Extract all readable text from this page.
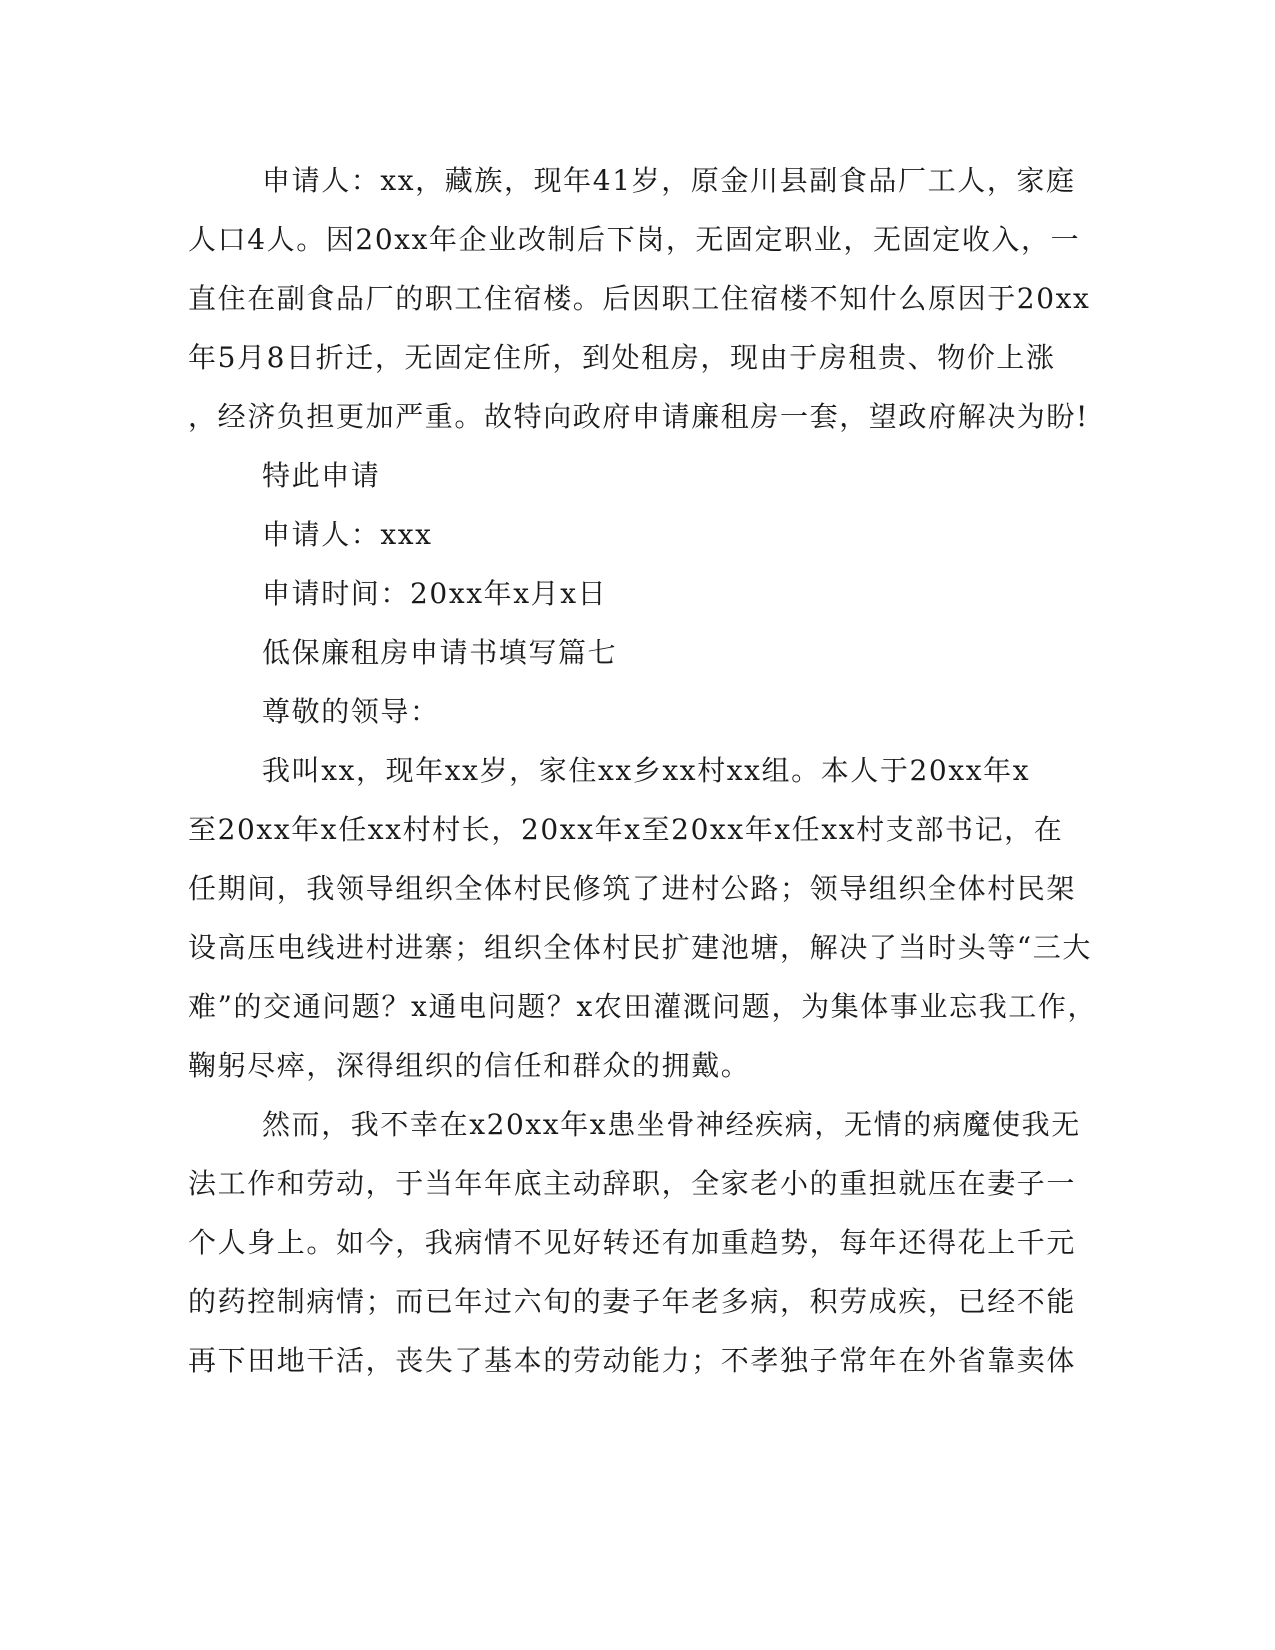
申请人：xx，藏族，现年41岁，原金川县副食品厂工人，家庭
人口4人。因20xx年企业改制后下岗，无固定职业，无固定收入，一
直住在副食品厂的职工住宿楼。后因职工住宿楼不知什么原因于20xx
年5月8日折迁，无固定住所，到处租房，现由于房租贵、物价上涨
，经济负担更加严重。故特向政府申请廉租房一套，望政府解决为盼!
特此申请
申请人：xxx
申请时间：20xx年x月x日
低保廉租房申请书填写篇七
尊敬的领导：
我叫xx，现年xx岁，家住xx乡xx村xx组。本人于20xx年x
至20xx年x任xx村村长，20xx年x至20xx年x任xx村支部书记，在
任期间，我领导组织全体村民修筑了进村公路；领导组织全体村民架
设高压电线进村进寨；组织全体村民扩建池塘，解决了当时头等“三大
难”的交通问题？x通电问题？x农田灌溉问题，为集体事业忘我工作，
鞠躬尽瘁，深得组织的信任和群众的拥戴。
然而，我不幸在x20xx年x患坐骨神经疾病，无情的病魔使我无
法工作和劳动，于当年年底主动辞职，全家老小的重担就压在妻子一
个人身上。如今，我病情不见好转还有加重趋势，每年还得花上千元
的药控制病情；而已年过六旬的妻子年老多病，积劳成疾，已经不能
再下田地干活，丧失了基本的劳动能力；不孝独子常年在外省靠卖体
